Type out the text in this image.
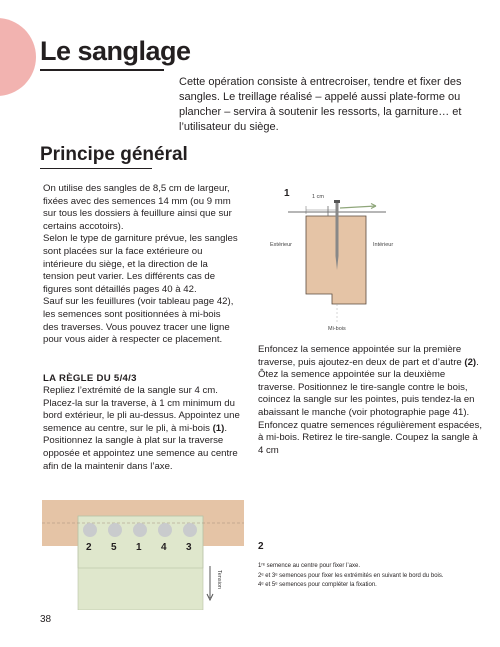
Le sanglage
Cette opération consiste à entrecroiser, tendre et fixer des sangles. Le treillage réalisé – appelé aussi plate-forme ou plancher – servira à soutenir les ressorts, la garniture… et l’utilisateur du siège.
Principe général

On utilise des sangles de 8,5 cm de largeur, fixées avec des semences 14 mm (ou 9 mm sur tous les dossiers à feuillure ainsi que sur certains accotoirs).

Selon le type de garniture prévue, les sangles sont placées sur la face extérieure ou intérieure du siège, et la direction de la tension peut varier. Les différents cas de figures sont détaillés pages 40 à 42.

Sauf sur les feuillures (voir tableau page 42), les semences sont positionnées à mi-bois des traverses. Vous pouvez tracer une ligne pour vous aider à respecter ce placement.

LA RÈGLE DU 5/4/3
Repliez l’extrémité de la sangle sur 4 cm. Placez-la sur la traverse, à 1 cm minimum du bord extérieur, le pli au-dessus. Appointez une semence au centre, sur le pli, à mi-bois (1). Positionnez la sangle à plat sur la traverse opposée et appointez une semence au centre afin de la maintenir dans l’axe.
1	1 cm
Extérieur	Intérieur
Mi-bois

Enfoncez la semence appointée sur la première traverse, puis ajoutez-en deux de part et d’autre (2).

Ôtez la semence appointée sur la deuxième traverse. Positionnez le tire-sangle contre le bois, coincez la sangle sur les pointes, puis tendez-la en abaissant le manche (voir photographie page 41). Enfoncez quatre semences régulièrement espacées, à mi-bois. Retirez le tire-sangle. Coupez la sangle à 4 cm

2 5 1 4 3
Tension
2

1ʳᵉ semence au centre pour fixer l’axe.

2ᵉ et 3ᵉ semences pour fixer les extrémités en suivant le bord du bois.

4ᵉ et 5ᵉ semences pour compléter la fixation.

38
